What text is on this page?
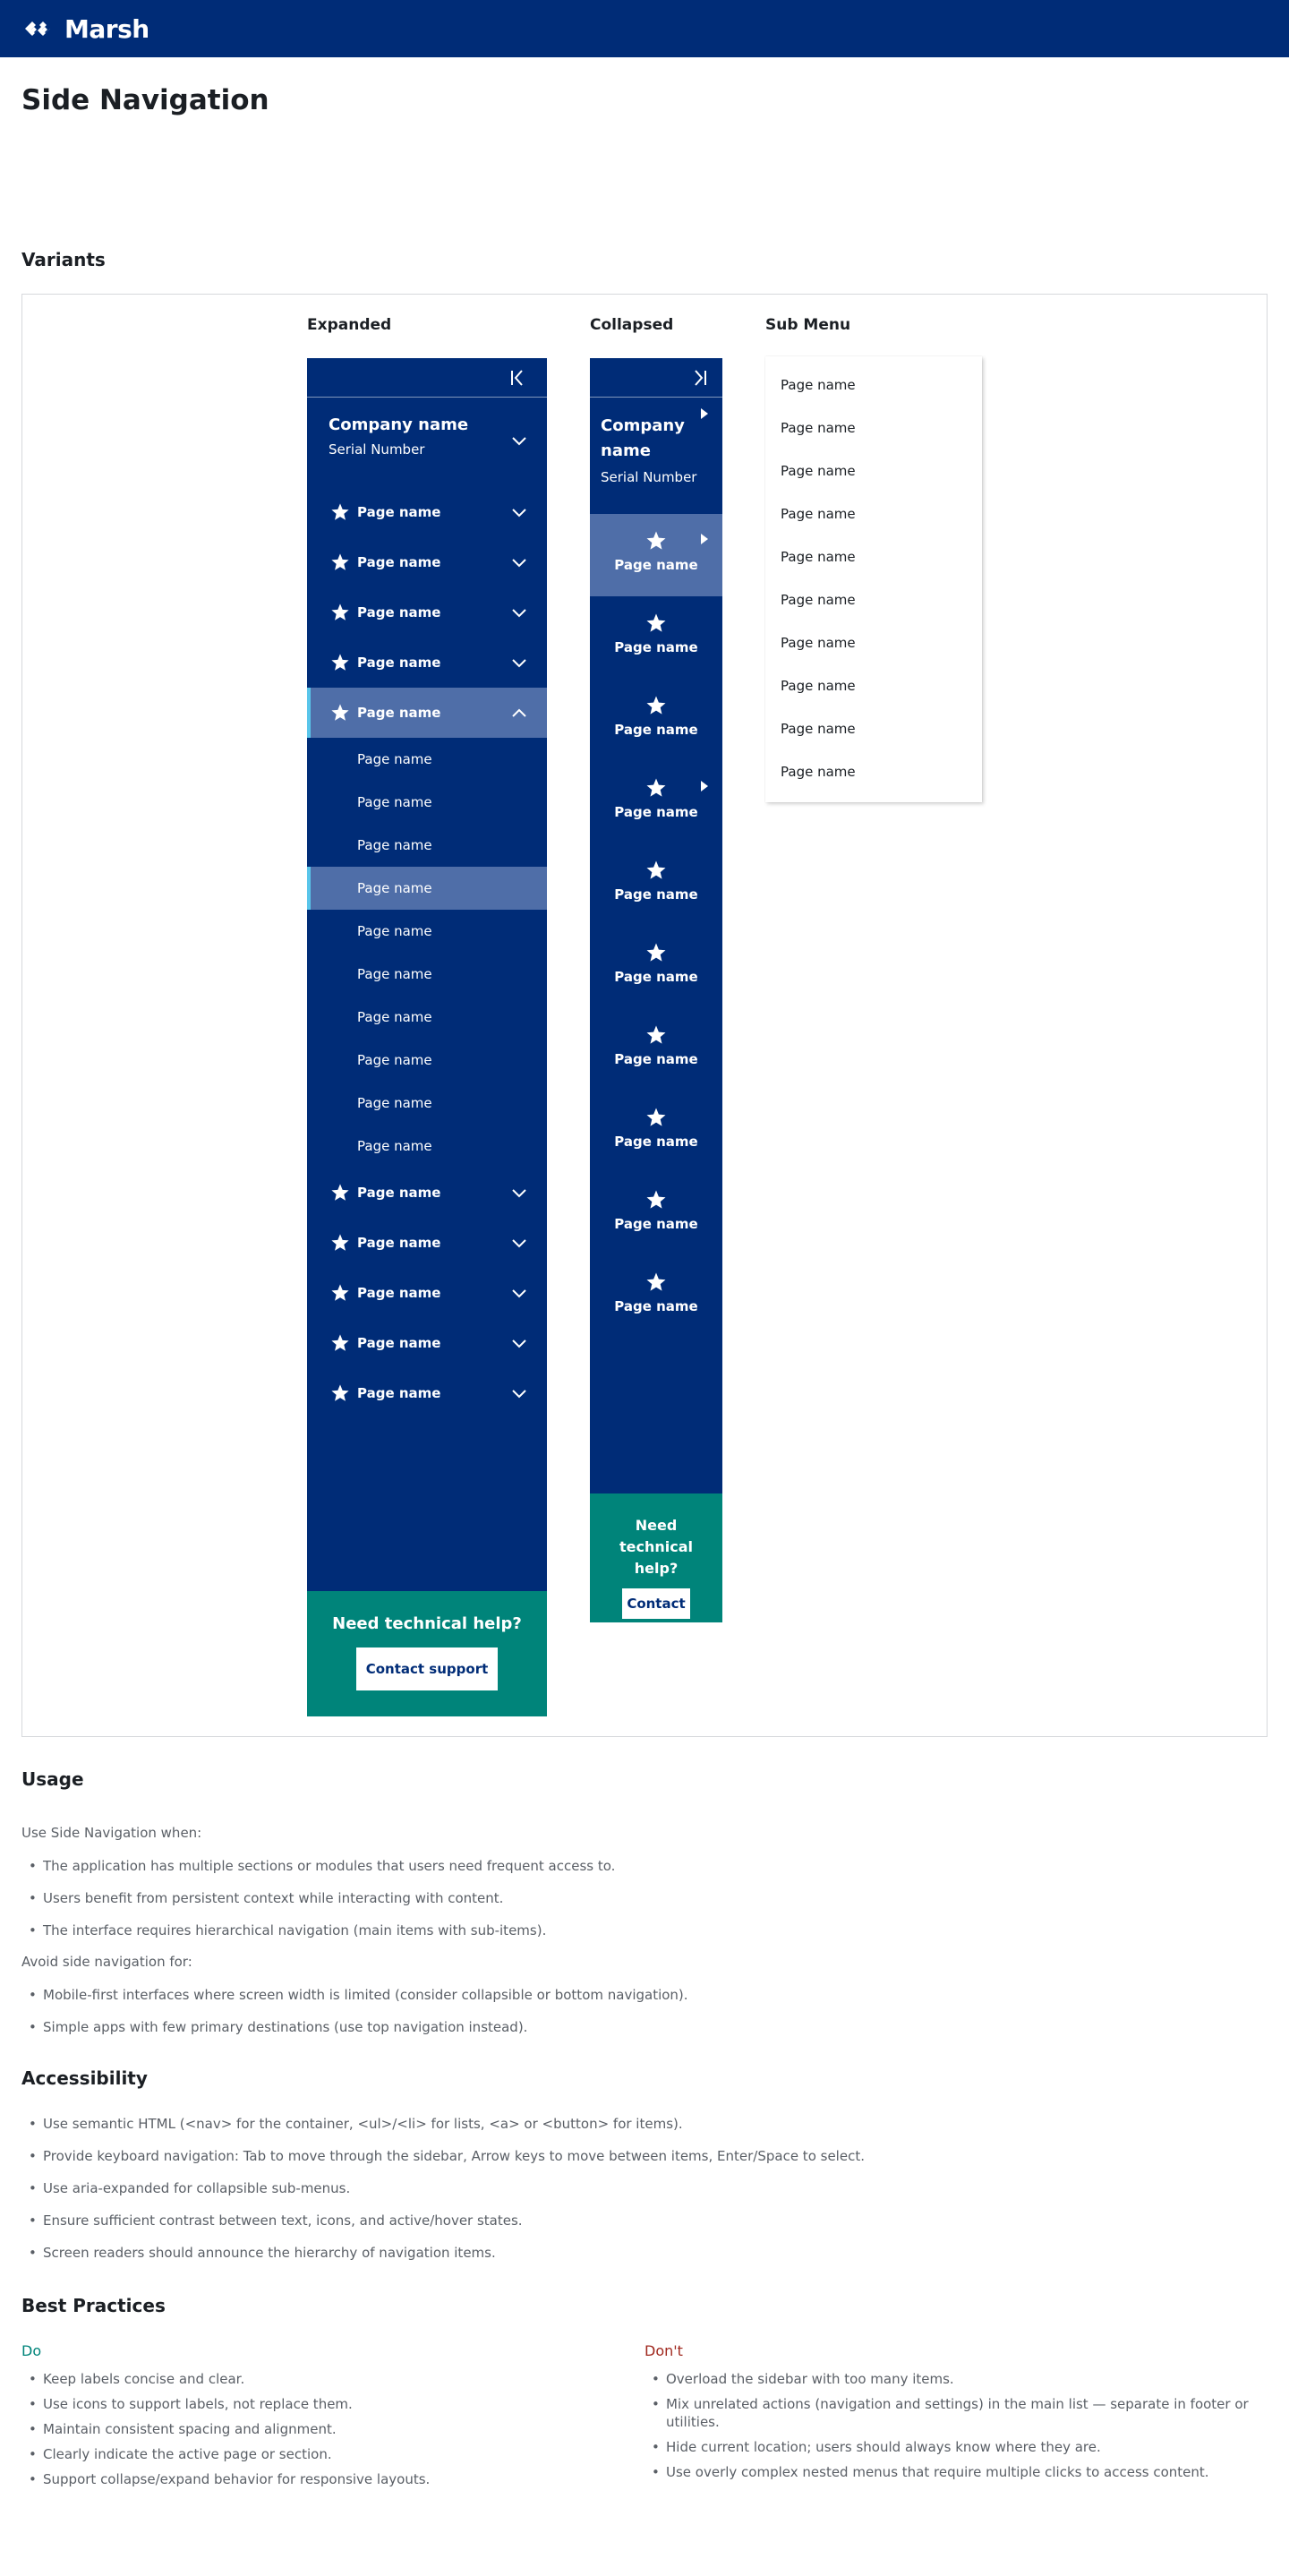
Marsh
Side Navigation
Variants
Expanded	Collapsed	Sub Menu
Company name
Serial Number
Page name
Page name
Page name
Page name
Page name
Page name
Page name
Page name
Page name
Page name
Page name
Page name
Page name
Page name
Page name
Page name
Page name
Page name
Page name
Page name
Need technical help?
Contact support
Company name
Serial Number
Page name
Page name
Page name
Page name
Page name
Page name
Page name
Page name
Page name
Page name
Need technical help?
Contact
Page name
Page name
Page name
Page name
Page name
Page name
Page name
Page name
Page name
Page name
Usage

Use Side Navigation when:

• The application has multiple sections or modules that users need frequent access to.
• Users benefit from persistent context while interacting with content.
• The interface requires hierarchical navigation (main items with sub-items).

Avoid side navigation for:

• Mobile-first interfaces where screen width is limited (consider collapsible or bottom navigation).
• Simple apps with few primary destinations (use top navigation instead).
Accessibility
• Use semantic HTML (<nav> for the container, <ul>/<li> for lists, <a> or <button> for items).
• Provide keyboard navigation: Tab to move through the sidebar, Arrow keys to move between items, Enter/Space to select.
• Use aria-expanded for collapsible sub-menus.
• Ensure sufficient contrast between text, icons, and active/hover states.
• Screen readers should announce the hierarchy of navigation items.
Best Practices
Do	Don't
• Keep labels concise and clear.
• Use icons to support labels, not replace them.
• Maintain consistent spacing and alignment.
• Clearly indicate the active page or section.
• Support collapse/expand behavior for responsive layouts.
• Overload the sidebar with too many items.
• Mix unrelated actions (navigation and settings) in the main list — separate in footer or utilities.
• Hide current location; users should always know where they are.
• Use overly complex nested menus that require multiple clicks to access content.
